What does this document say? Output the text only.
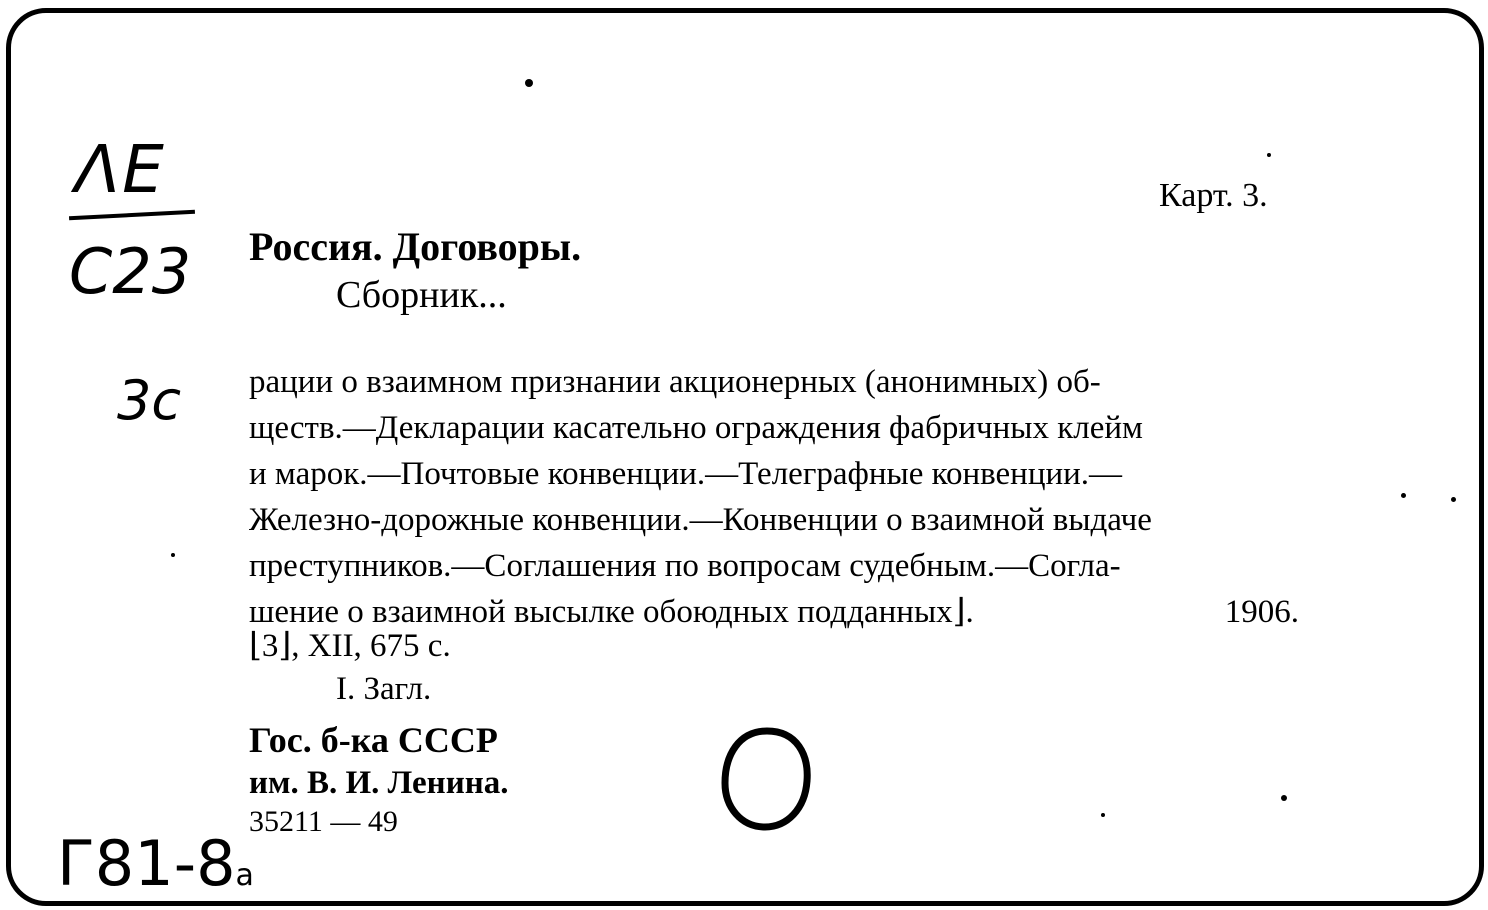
Карт. 3.
Россия. Договоры.
Сборник...
рации о взаимном признании акционерных (анонимных) об-
ществ.—Декларации касательно ограждения фабричных клейм
и марок.—Почтовые конвенции.—Телеграфные конвенции.—
Железно-дорожные конвенции.—Конвенции о взаимной выдаче
преступников.—Соглашения по вопросам судебным.—Согла-
шение о взаимной высылке обоюдных подданных⌋.	1906.
⌊3⌋, XII, 675 с.
I. Загл.
Гос. б-ка СССР
им. В. И. Ленина.
35211 — 49
ΛE
C23
3c
Г81-8а
